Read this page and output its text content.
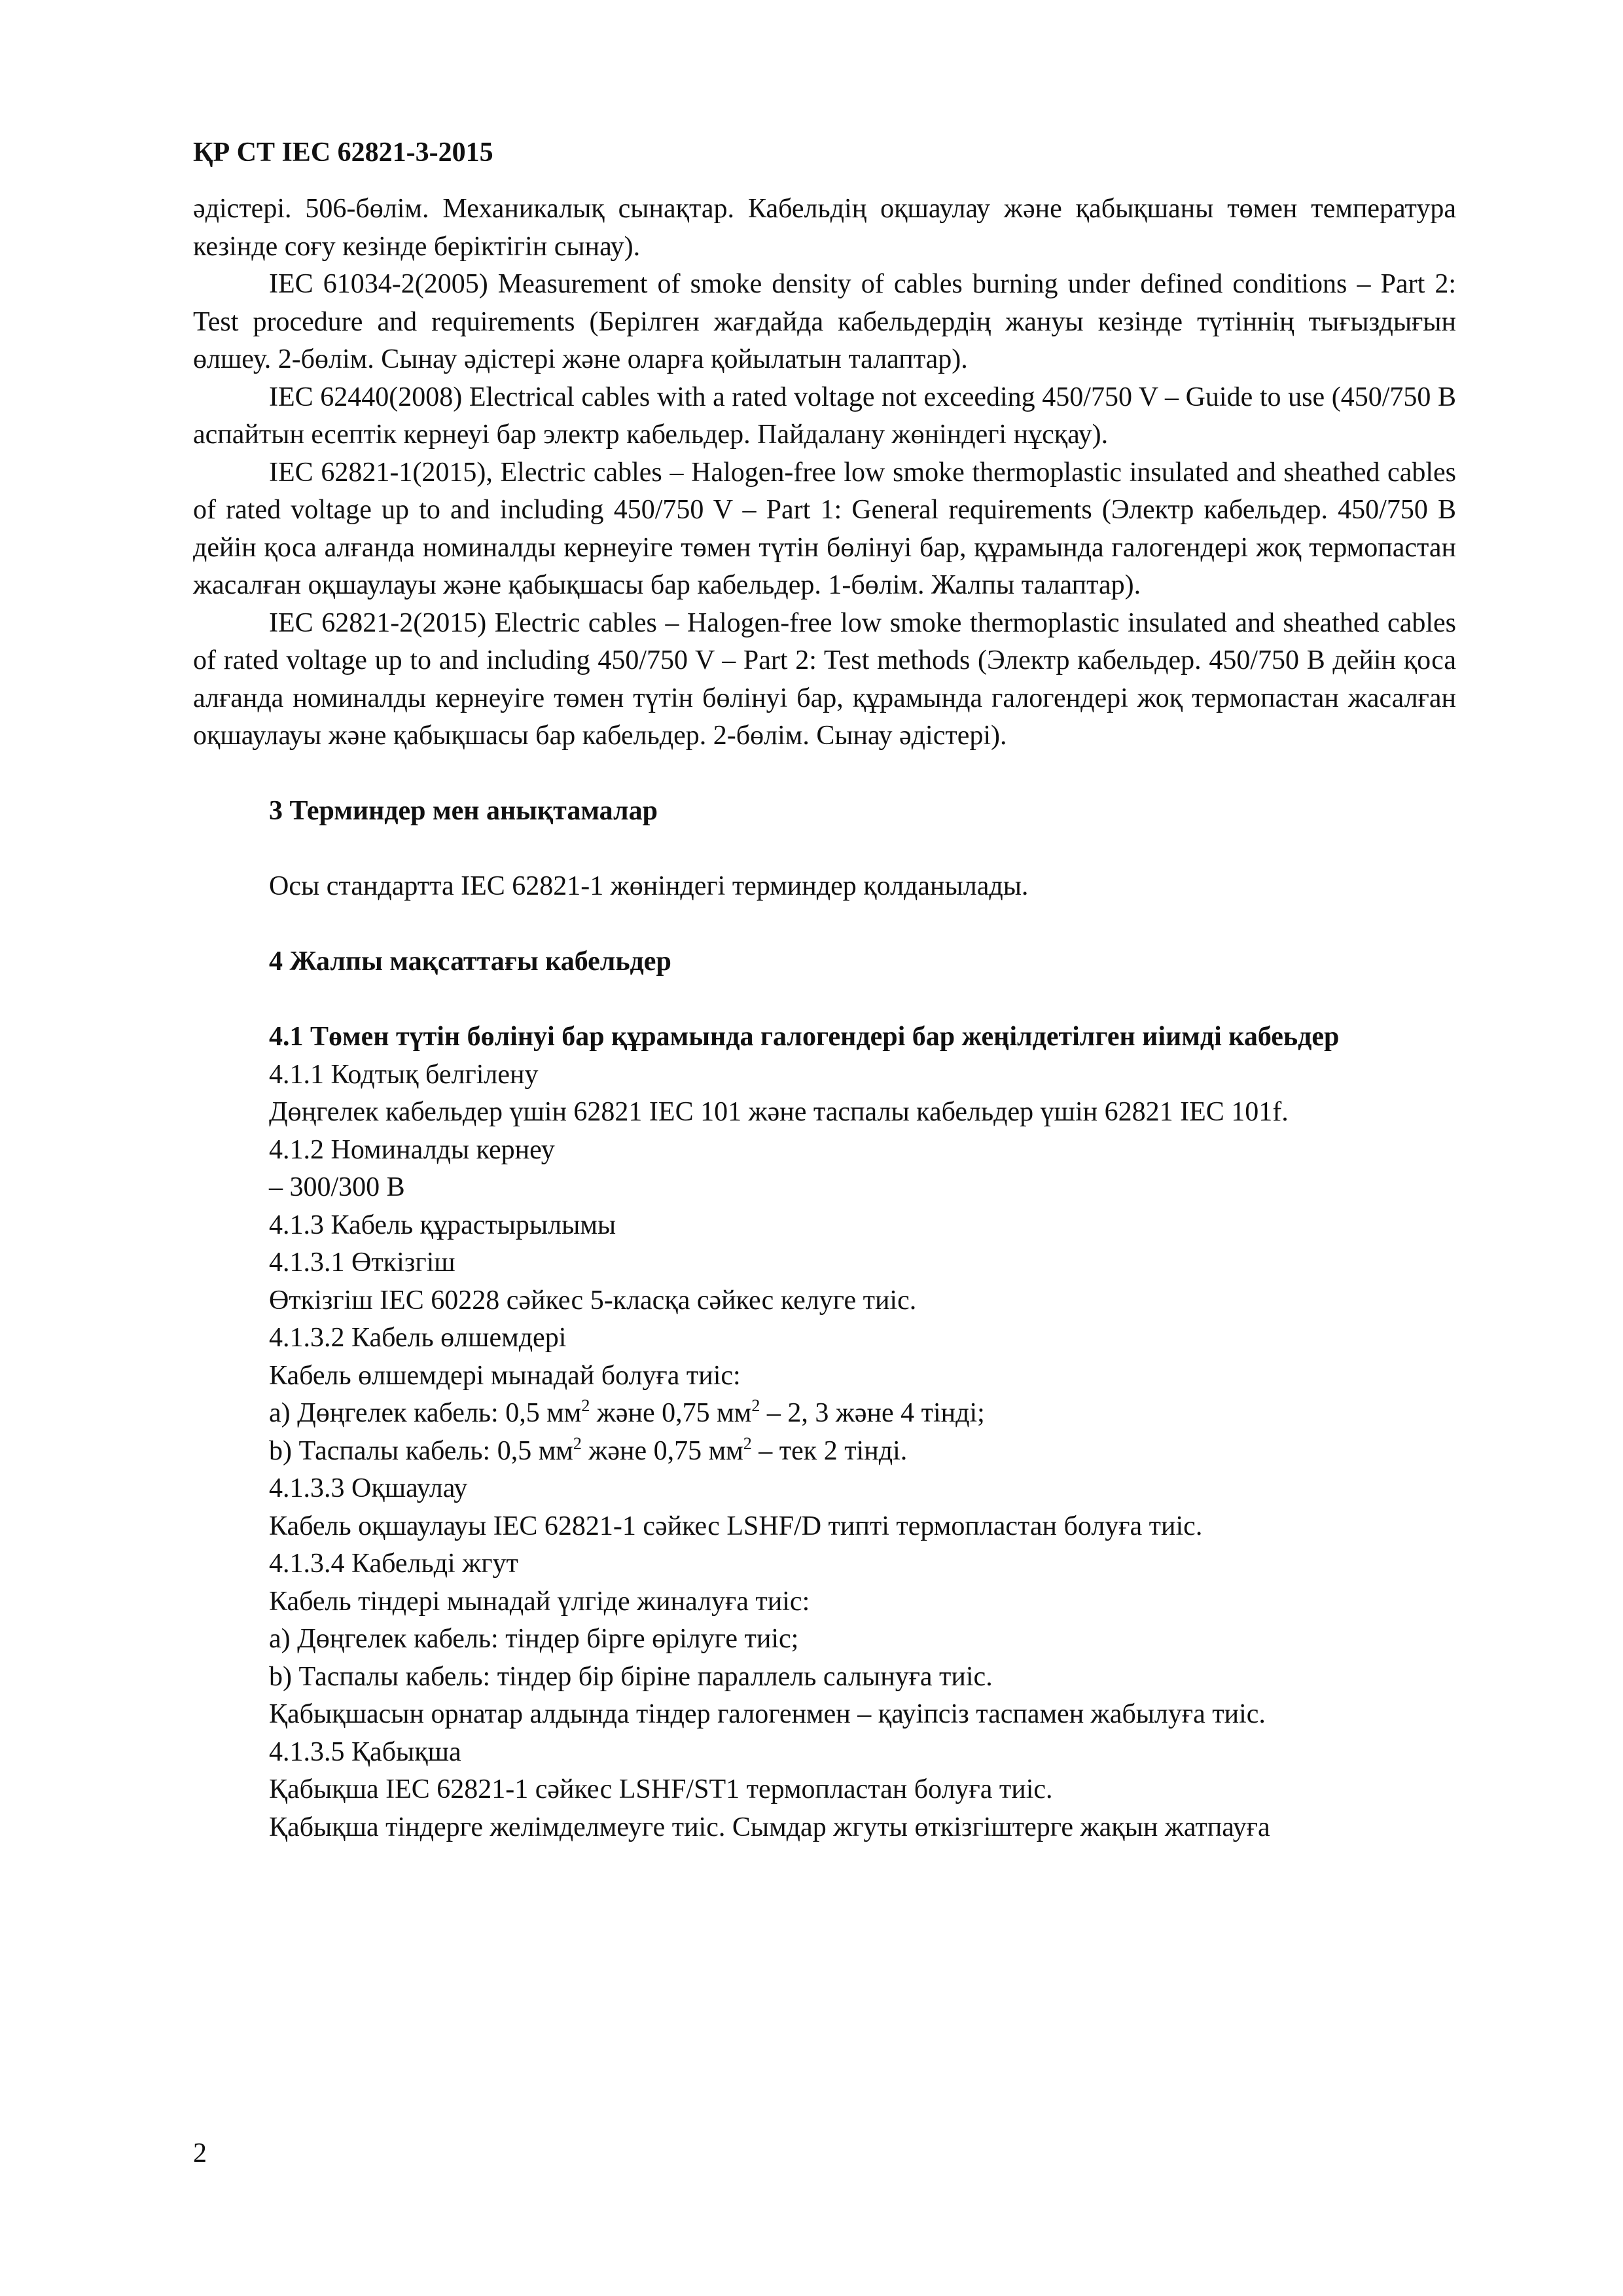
ҚР СТ IEC 62821-3-2015

әдістері. 506-бөлім. Механикалық сынақтар. Кабельдің оқшаулау және қабықшаны төмен температура кезінде соғу кезінде беріктігін сынау).

IEC 61034-2(2005) Measurement of smoke density of cables burning under defined conditions – Part 2: Test procedure and requirements (Берілген жағдайда кабельдердің жануы кезінде түтіннің тығыздығын өлшеу. 2-бөлім. Сынау әдістері және оларға қойылатын талаптар).

IEC 62440(2008) Electrical cables with a rated voltage not exceeding 450/750 V – Guide to use (450/750 В аспайтын есептік кернеуі бар электр кабельдер. Пайдалану жөніндегі нұсқау).

IEC 62821-1(2015), Electric cables – Halogen-free low smoke thermoplastic insulated and sheathed cables of rated voltage up to and including 450/750 V – Part 1: General requirements (Электр кабельдер. 450/750 В дейін қоса алғанда номиналды кернеуіге төмен түтін бөлінуі бар, құрамында галогендері жоқ термопастан жасалған оқшаулауы және қабықшасы бар кабельдер. 1-бөлім. Жалпы талаптар).

IEC 62821-2(2015) Electric cables – Halogen-free low smoke thermoplastic insulated and sheathed cables of rated voltage up to and including 450/750 V – Part 2: Test methods (Электр кабельдер. 450/750 В дейін қоса алғанда номиналды кернеуіге төмен түтін бөлінуі бар, құрамында галогендері жоқ термопастан жасалған оқшаулауы және қабықшасы бар кабельдер. 2-бөлім. Сынау әдістері).

3 Терминдер мен анықтамалар

Осы стандартта IEC 62821-1 жөніндегі терминдер қолданылады.

4 Жалпы мақсаттағы кабельдер

4.1 Төмен түтін бөлінуі бар құрамында галогендері бар жеңілдетілген иіимді кабеьдер

4.1.1 Кодтық белгілену

Дөңгелек кабельдер үшін 62821 IEC 101 және таспалы кабельдер үшін 62821 IEC 101f.

4.1.2 Номиналды кернеу

– 300/300 В

4.1.3 Кабель құрастырылымы

4.1.3.1 Өткізгіш

Өткізгіш IEC 60228 сәйкес 5-класқа сәйкес келуге тиіс.

4.1.3.2 Кабель өлшемдері

Кабель өлшемдері мынадай болуға тиіс:

a) Дөңгелек кабель: 0,5 $мм^2$ және 0,75 $мм^2 - 2$, 3 және 4 тінді;

b) Таспалы кабель: 0,5 $мм^2$ және 0,75 $мм^2$ – тек 2 тінді.

4.1.3.3 Оқшаулау

Кабель оқшаулауы IEC 62821-1 сәйкес LSHF/D типті термопластан болуға тиіс.

4.1.3.4 Кабельді жгут

Кабель тіндері мынадай үлгіде жиналуға тиіс:

a) Дөңгелек кабель: тіндер бірге өрілуге тиіс;

b) Таспалы кабель: тіндер бір біріне параллель салынуға тиіс.

Қабықшасын орнатар алдында тіндер галогенмен – қауіпсіз таспамен жабылуға тиіс.

4.1.3.5 Қабықша

Қабықша IEC 62821-1 сәйкес LSHF/ST1 термопластан болуға тиіс.

Қабықша тіндерге желімделмеуге тиіс. Сымдар жгуты өткізгіштерге жақын жатпауға

2
